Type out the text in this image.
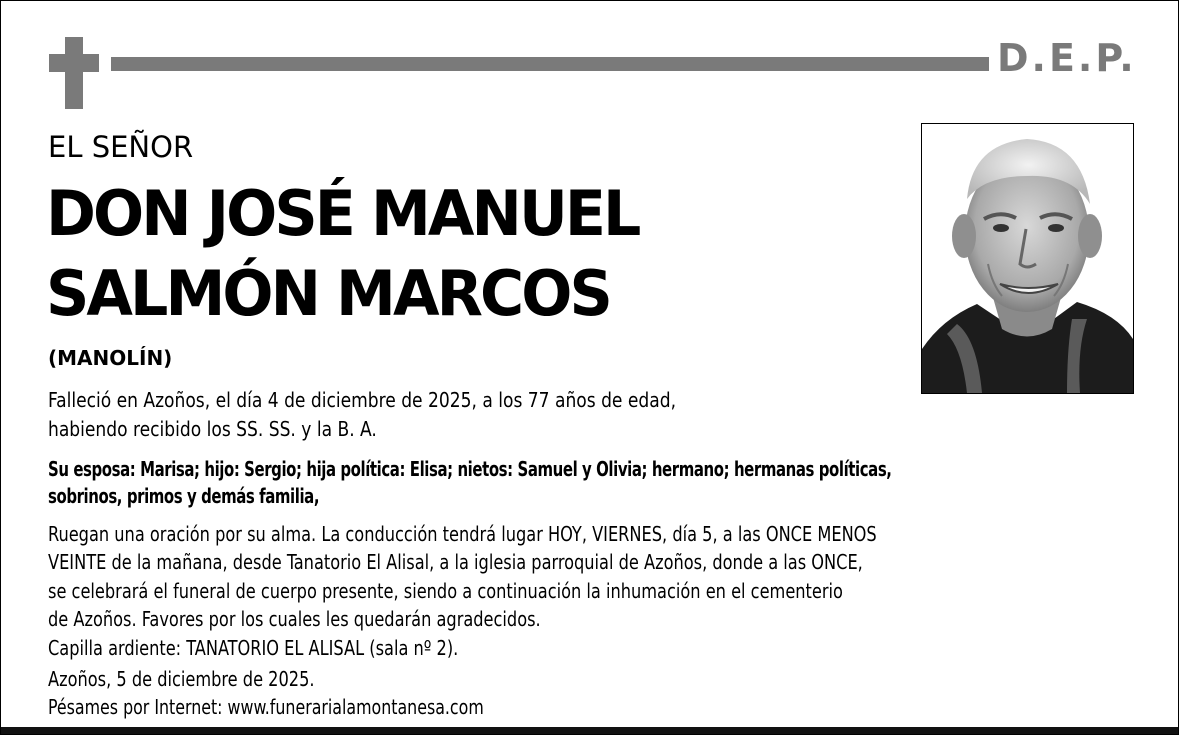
D.E.P.
EL SEÑOR
DON JOSÉ MANUEL
SALMÓN MARCOS
(MANOLÍN)
Falleció en Azoños, el día 4 de diciembre de 2025, a los 77 años de edad,
habiendo recibido los SS. SS. y la B. A.
Su esposa: Marisa; hijo: Sergio; hija política: Elisa; nietos: Samuel y Olivia; hermano; hermanas políticas,
sobrinos, primos y demás familia,
Ruegan una oración por su alma. La conducción tendrá lugar HOY, VIERNES, día 5, a las ONCE MENOS
VEINTE de la mañana, desde Tanatorio El Alisal, a la iglesia parroquial de Azoños, donde a las ONCE,
se celebrará el funeral de cuerpo presente, siendo a continuación la inhumación en el cementerio
de Azoños. Favores por los cuales les quedarán agradecidos.
Capilla ardiente: TANATORIO EL ALISAL (sala nº 2).
Azoños, 5 de diciembre de 2025.
Pésames por Internet: www.funerarialamontanesa.com
